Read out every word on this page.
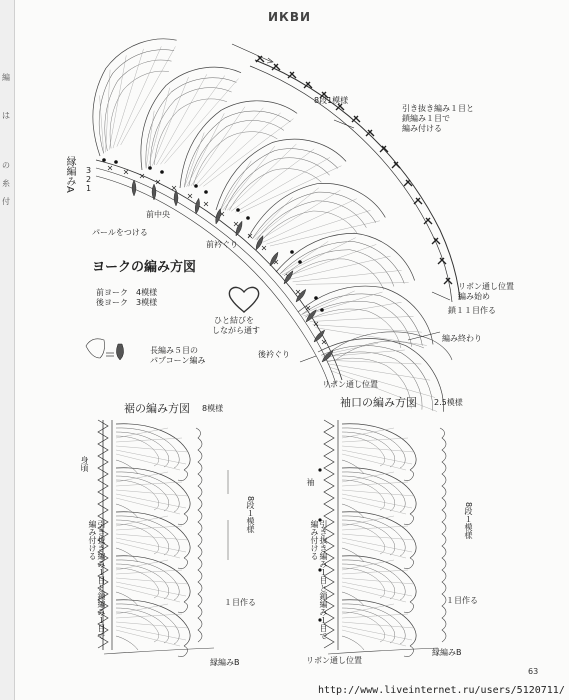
編
は
の
糸
付
ИКВИ
8段1模様
引き抜き編み１目と
鎖編み１目で
編み付ける
縁編みA 3
2
1
前中央
パールをつける
前衿ぐり
ヨークの編み方図
前ヨーク　4模様
後ヨーク　3模様
ひと結びを
しながら通す
長編み５目の
パプコーン編み
後衿ぐり
リボン通し位置
編み始め
鎖１１目作る
編み終わり
リボン通し位置
裾の編み方図 8模様
身頃
引き抜き編み１目と鎖編み１目で編み付ける
8段１模様
１目作る
縁編みB
袖口の編み方図 2.5模様
袖
引き抜き編み１目と鎖編み１目で編み付ける	8段１模様
１目作る
リボン通し位置
縁編みB
63
http://www.liveinternet.ru/users/5120711/
